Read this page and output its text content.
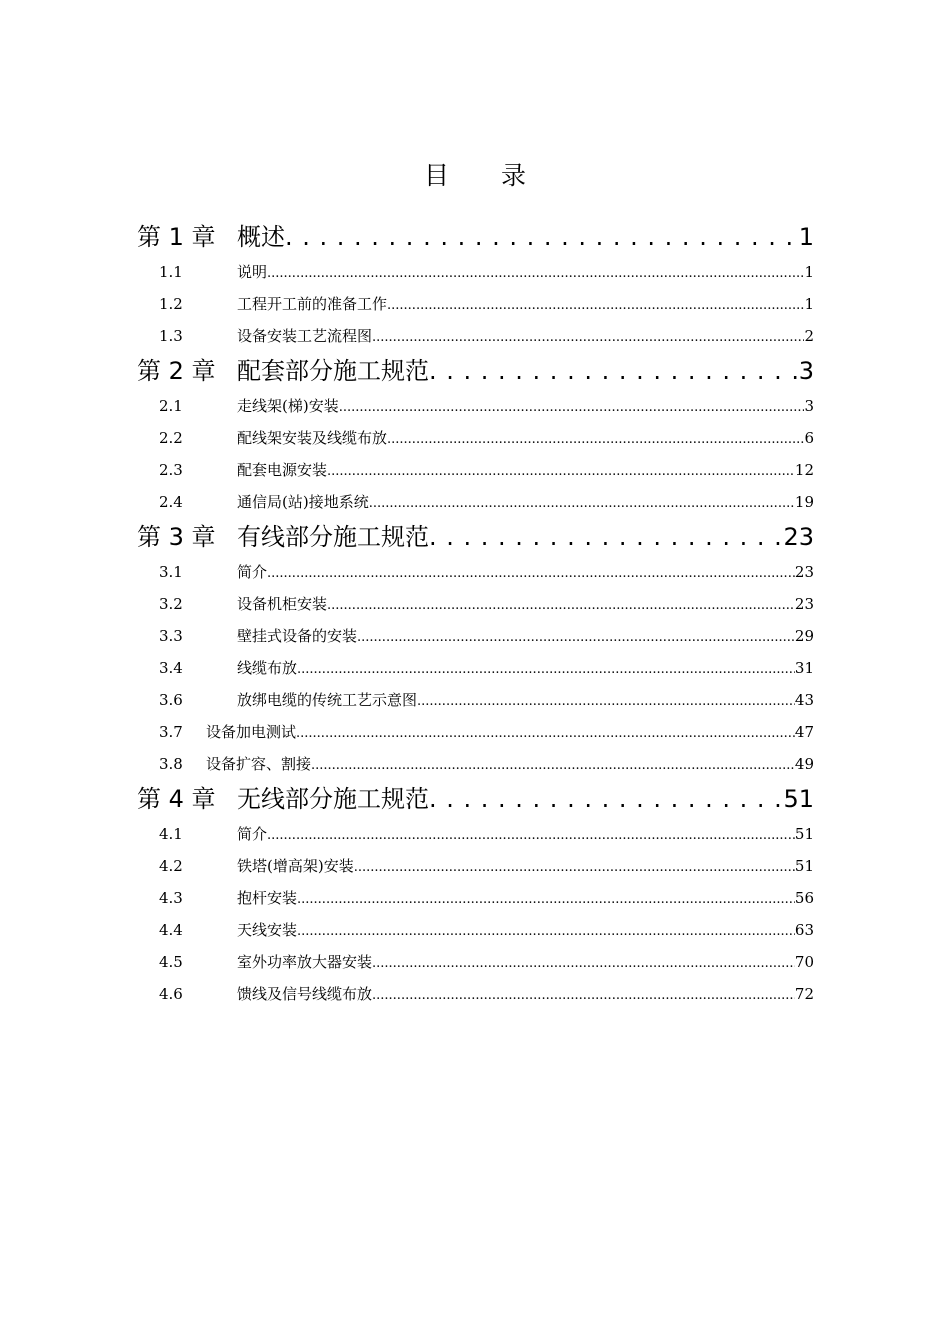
目 录
第 1 章 概述 . . .	1
1.1	说明 .....	1
1.2	工程开工前的准备工作 .....	1
1.3	设备安装工艺流程图 .....	2
第 2 章 配套部分施工规范 . . .	3
2.1	走线架(梯)安装 .....	3
2.2	配线架安装及线缆布放 .....	6
2.3	配套电源安装 .....	12
2.4	通信局(站)接地系统 .....	19
第 3 章 有线部分施工规范 . . .	23
3.1	简介 .....	23
3.2	设备机柜安装 .....	23
3.3	壁挂式设备的安装 .....	29
3.4	线缆布放 .....	31
3.6	放绑电缆的传统工艺示意图 .....	43
3.7	设备加电测试 .....	47
3.8	设备扩容、割接 .....	49
第 4 章 无线部分施工规范 . . .	51
4.1	简介 .....	51
4.2	铁塔(增高架)安装 .....	51
4.3	抱杆安装 .....	56
4.4	天线安装 .....	63
4.5	室外功率放大器安装 .....	70
4.6	馈线及信号线缆布放 .....	72
